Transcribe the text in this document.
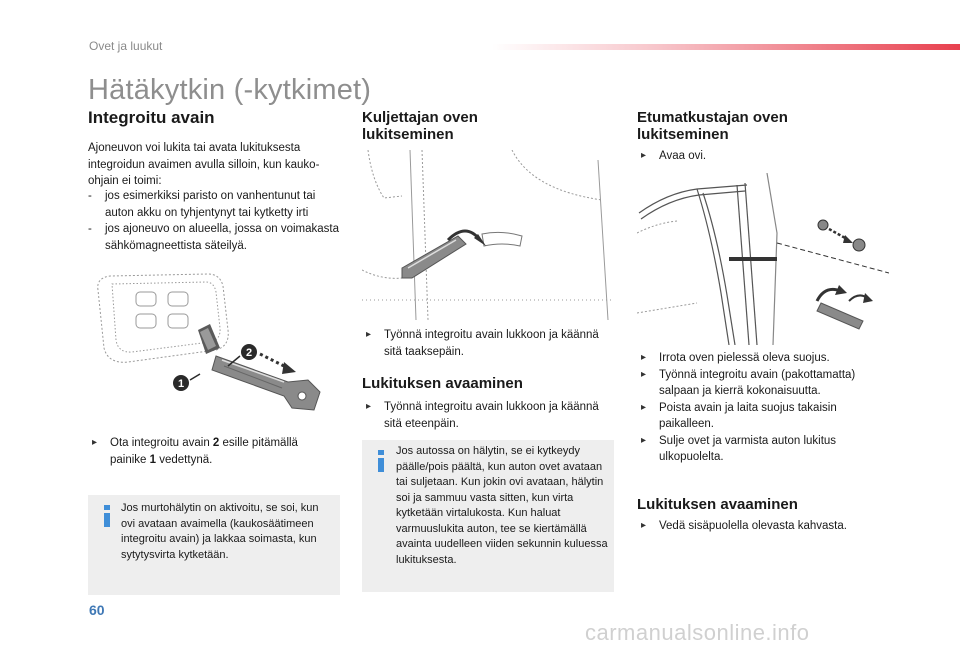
Ovet ja luukut
Hätäkytkin (-kytkimet)
Integroitu avain

Ajoneuvon voi lukita tai avata lukituksesta integroidun avaimen avulla silloin, kun kauko-ohjain ei toimi:

- jos esimerkiksi paristo on vanhentunut tai auton akku on tyhjentynyt tai kytketty irti
- jos ajoneuvo on alueella, jossa on voimakasta sähkömagneettista säteilyä.
2
1
▸ Ota integroitu avain 2 esille pitämällä painike 1 vedettynä.
Jos murtohälytin on aktivoitu, se soi, kun ovi avataan avaimella (kaukosäätimeen integroitu avain) ja lakkaa soimasta, kun sytytysvirta kytketään.
Kuljettajan oven lukitseminen
▸ Työnnä integroitu avain lukkoon ja käännä sitä taaksepäin.
Lukituksen avaaminen
▸ Työnnä integroitu avain lukkoon ja käännä sitä eteenpäin.
Jos autossa on hälytin, se ei kytkeydy päälle/pois päältä, kun auton ovet avataan tai suljetaan. Kun jokin ovi avataan, hälytin soi ja sammuu vasta sitten, kun virta kytketään virtalukosta. Kun haluat varmuuslukita auton, tee se kiertämällä avainta uudelleen viiden sekunnin kuluessa lukituksesta.
Etumatkustajan oven lukitseminen
▸ Avaa ovi.
▸ Irrota oven pielessä oleva suojus.
▸ Työnnä integroitu avain (pakottamatta) salpaan ja kierrä kokonaisuutta.
▸ Poista avain ja laita suojus takaisin paikalleen.
▸ Sulje ovet ja varmista auton lukitus ulkopuolelta.
Lukituksen avaaminen
▸ Vedä sisäpuolella olevasta kahvasta.
60
carmanualsonline.info
